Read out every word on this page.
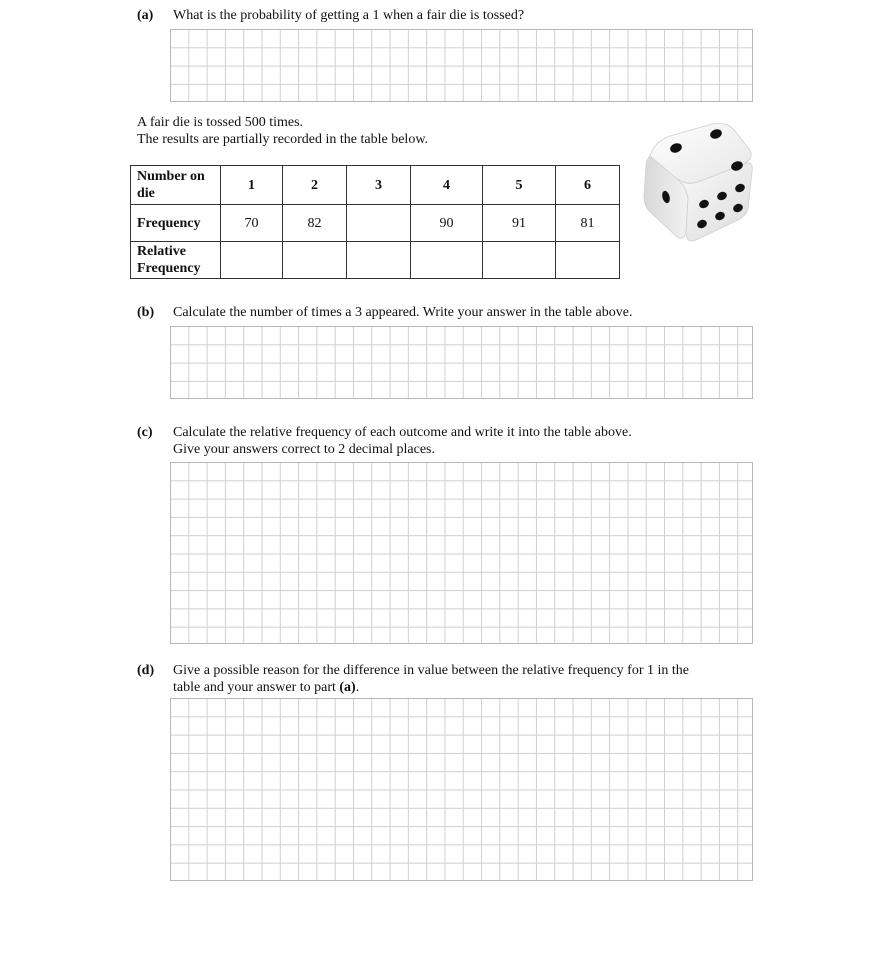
(a) What is the probability of getting a 1 when a fair die is tossed?
A fair die is tossed 500 times.
The results are partially recorded in the table below.
Number on
die	1	2	3	4	5	6
Frequency	70	82		90	91	81
Relative
Frequency						
(b) Calculate the number of times a 3 appeared. Write your answer in the table above.
(c) Calculate the relative frequency of each outcome and write it into the table above.
Give your answers correct to 2 decimal places.
(d) Give a possible reason for the difference in value between the relative frequency for 1 in the
table and your answer to part (a).
